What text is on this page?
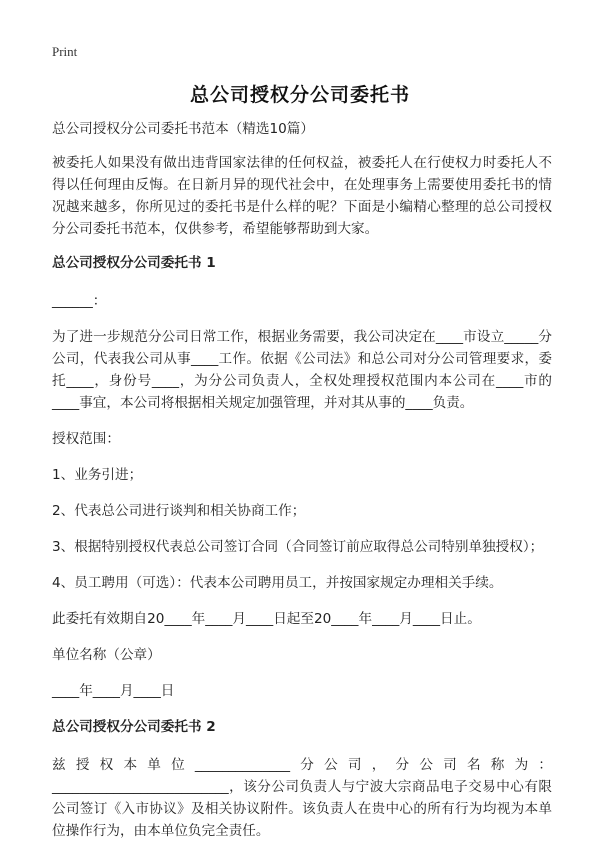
Print
总公司授权分公司委托书

总公司授权分公司委托书范本（精选10篇）

被委托人如果没有做出违背国家法律的任何权益，被委托人在行使权力时委托人不得以任何理由反悔。在日新月异的现代社会中，在处理事务上需要使用委托书的情况越来越多，你所见过的委托书是什么样的呢？下面是小编精心整理的总公司授权分公司委托书范本，仅供参考，希望能够帮助到大家。

总公司授权分公司委托书 1

______：

为了进一步规范分公司日常工作，根据业务需要，我公司决定在____市设立_____分公司，代表我公司从事____工作。依据《公司法》和总公司对分公司管理要求，委托____，身份号____，为分公司负责人，全权处理授权范围内本公司在____市的____事宜，本公司将根据相关规定加强管理，并对其从事的____负责。

授权范围：

1、业务引进；

2、代表总公司进行谈判和相关协商工作；

3、根据特别授权代表总公司签订合同（合同签订前应取得总公司特别单独授权）；

4、员工聘用（可选）：代表本公司聘用员工，并按国家规定办理相关手续。

此委托有效期自20____年____月____日起至20____年____月____日止。

单位名称（公章）

____年____月____日

总公司授权分公司委托书 2

兹授权本单位______________分公司，分公司名称为：__________________________，该分公司负责人与宁波大宗商品电子交易中心有限公司签订《入市协议》及相关协议附件。该负责人在贵中心的所有行为均视为本单位操作行为，由本单位负完全责任。
